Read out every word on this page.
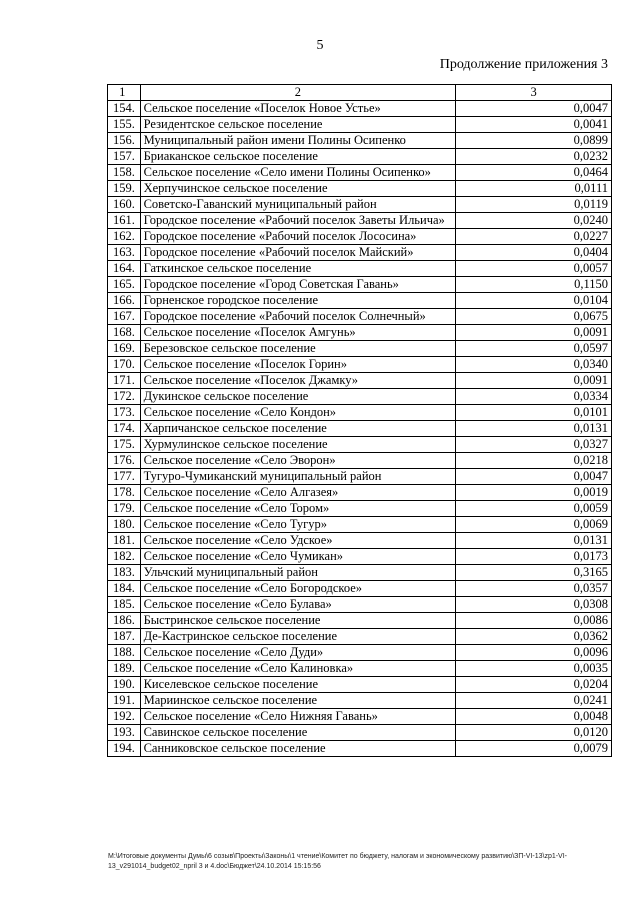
5
Продолжение приложения 3
1	2	3
154.	Сельское поселение «Поселок Новое Устье»	0,0047
155.	Резидентское сельское поселение	0,0041
156.	Муниципальный район имени Полины Осипенко	0,0899
157.	Бриаканское сельское поселение	0,0232
158.	Сельское поселение «Село имени Полины Осипенко»	0,0464
159.	Херпучинское сельское поселение	0,0111
160.	Советско-Гаванский муниципальный район	0,0119
161.	Городское поселение «Рабочий поселок Заветы Ильича»	0,0240
162.	Городское поселение «Рабочий поселок Лососина»	0,0227
163.	Городское поселение «Рабочий поселок Майский»	0,0404
164.	Гаткинское сельское поселение	0,0057
165.	Городское поселение «Город Советская Гавань»	0,1150
166.	Горненское городское поселение	0,0104
167.	Городское поселение «Рабочий поселок Солнечный»	0,0675
168.	Сельское поселение «Поселок Амгунь»	0,0091
169.	Березовское сельское поселение	0,0597
170.	Сельское поселение «Поселок Горин»	0,0340
171.	Сельское поселение «Поселок Джамку»	0,0091
172.	Дукинское сельское поселение	0,0334
173.	Сельское поселение «Село Кондон»	0,0101
174.	Харпичанское сельское поселение	0,0131
175.	Хурмулинское сельское поселение	0,0327
176.	Сельское поселение «Село Эворон»	0,0218
177.	Тугуро-Чумиканский муниципальный район	0,0047
178.	Сельское поселение «Село Алгазея»	0,0019
179.	Сельское поселение «Село Тором»	0,0059
180.	Сельское поселение «Село Тугур»	0,0069
181.	Сельское поселение «Село Удское»	0,0131
182.	Сельское поселение «Село Чумикан»	0,0173
183.	Ульчский муниципальный район	0,3165
184.	Сельское поселение «Село Богородское»	0,0357
185.	Сельское поселение «Село Булава»	0,0308
186.	Быстринское сельское поселение	0,0086
187.	Де-Кастринское сельское поселение	0,0362
188.	Сельское поселение «Село Дуди»	0,0096
189.	Сельское поселение «Село Калиновка»	0,0035
190.	Киселевское сельское поселение	0,0204
191.	Мариинское сельское поселение	0,0241
192.	Сельское поселение «Село Нижняя Гавань»	0,0048
193.	Савинское сельское поселение	0,0120
194.	Санниковское сельское поселение	0,0079
M:\Итоговые документы Думы\6 созыв\Проекты\Законы\1 чтение\Комитет по бюджету, налогам и экономическому развитию\ЗП-VI-13\zp1-VI-13_v291014_budget02_npril 3 и 4.doc\Бюджет\24.10.2014 15:15:56
